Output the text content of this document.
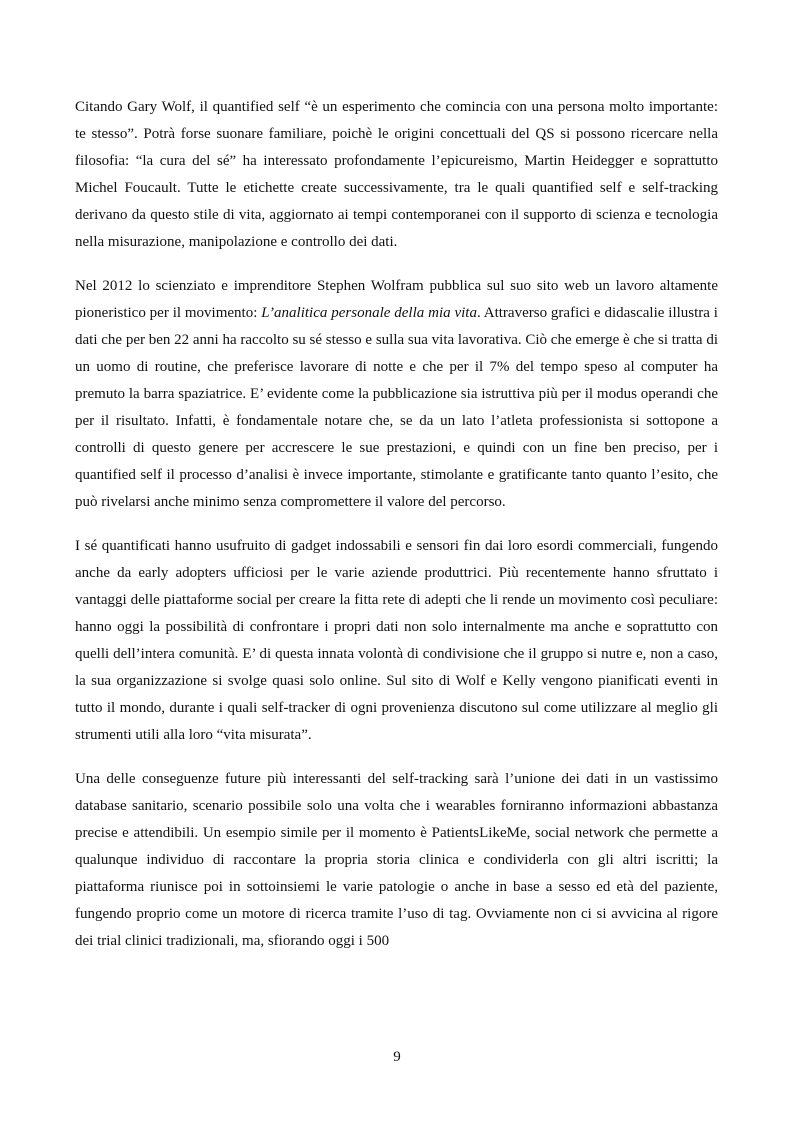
Citando Gary Wolf, il quantified self “è un esperimento che comincia con una persona molto importante: te stesso”. Potrà forse suonare familiare, poichè le origini concettuali del QS si possono ricercare nella filosofia: “la cura del sé” ha interessato profondamente l’epicureismo, Martin Heidegger e soprattutto Michel Foucault. Tutte le etichette create successivamente, tra le quali quantified self e self-tracking derivano da questo stile di vita, aggiornato ai tempi contemporanei con il supporto di scienza e tecnologia nella misurazione, manipolazione e controllo dei dati.

Nel 2012 lo scienziato e imprenditore Stephen Wolfram pubblica sul suo sito web un lavoro altamente pioneristico per il movimento: L’analitica personale della mia vita. Attraverso grafici e didascalie illustra i dati che per ben 22 anni ha raccolto su sé stesso e sulla sua vita lavorativa. Ciò che emerge è che si tratta di un uomo di routine, che preferisce lavorare di notte e che per il 7% del tempo speso al computer ha premuto la barra spaziatrice. E’ evidente come la pubblicazione sia istruttiva più per il modus operandi che per il risultato. Infatti, è fondamentale notare che, se da un lato l’atleta professionista si sottopone a controlli di questo genere per accrescere le sue prestazioni, e quindi con un fine ben preciso, per i quantified self il processo d’analisi è invece importante, stimolante e gratificante tanto quanto l’esito, che può rivelarsi anche minimo senza compromettere il valore del percorso.

I sé quantificati hanno usufruito di gadget indossabili e sensori fin dai loro esordi commerciali, fungendo anche da early adopters ufficiosi per le varie aziende produttrici. Più recentemente hanno sfruttato i vantaggi delle piattaforme social per creare la fitta rete di adepti che li rende un movimento così peculiare: hanno oggi la possibilità di confrontare i propri dati non solo internalmente ma anche e soprattutto con quelli dell’intera comunità. E’ di questa innata volontà di condivisione che il gruppo si nutre e, non a caso, la sua organizzazione si svolge quasi solo online. Sul sito di Wolf e Kelly vengono pianificati eventi in tutto il mondo, durante i quali self-tracker di ogni provenienza discutono sul come utilizzare al meglio gli strumenti utili alla loro “vita misurata”.

Una delle conseguenze future più interessanti del self-tracking sarà l’unione dei dati in un vastissimo database sanitario, scenario possibile solo una volta che i wearables forniranno informazioni abbastanza precise e attendibili. Un esempio simile per il momento è PatientsLikeMe, social network che permette a qualunque individuo di raccontare la propria storia clinica e condividerla con gli altri iscritti; la piattaforma riunisce poi in sottoinsiemi le varie patologie o anche in base a sesso ed età del paziente, fungendo proprio come un motore di ricerca tramite l’uso di tag. Ovviamente non ci si avvicina al rigore dei trial clinici tradizionali, ma, sfiorando oggi i 500

9
